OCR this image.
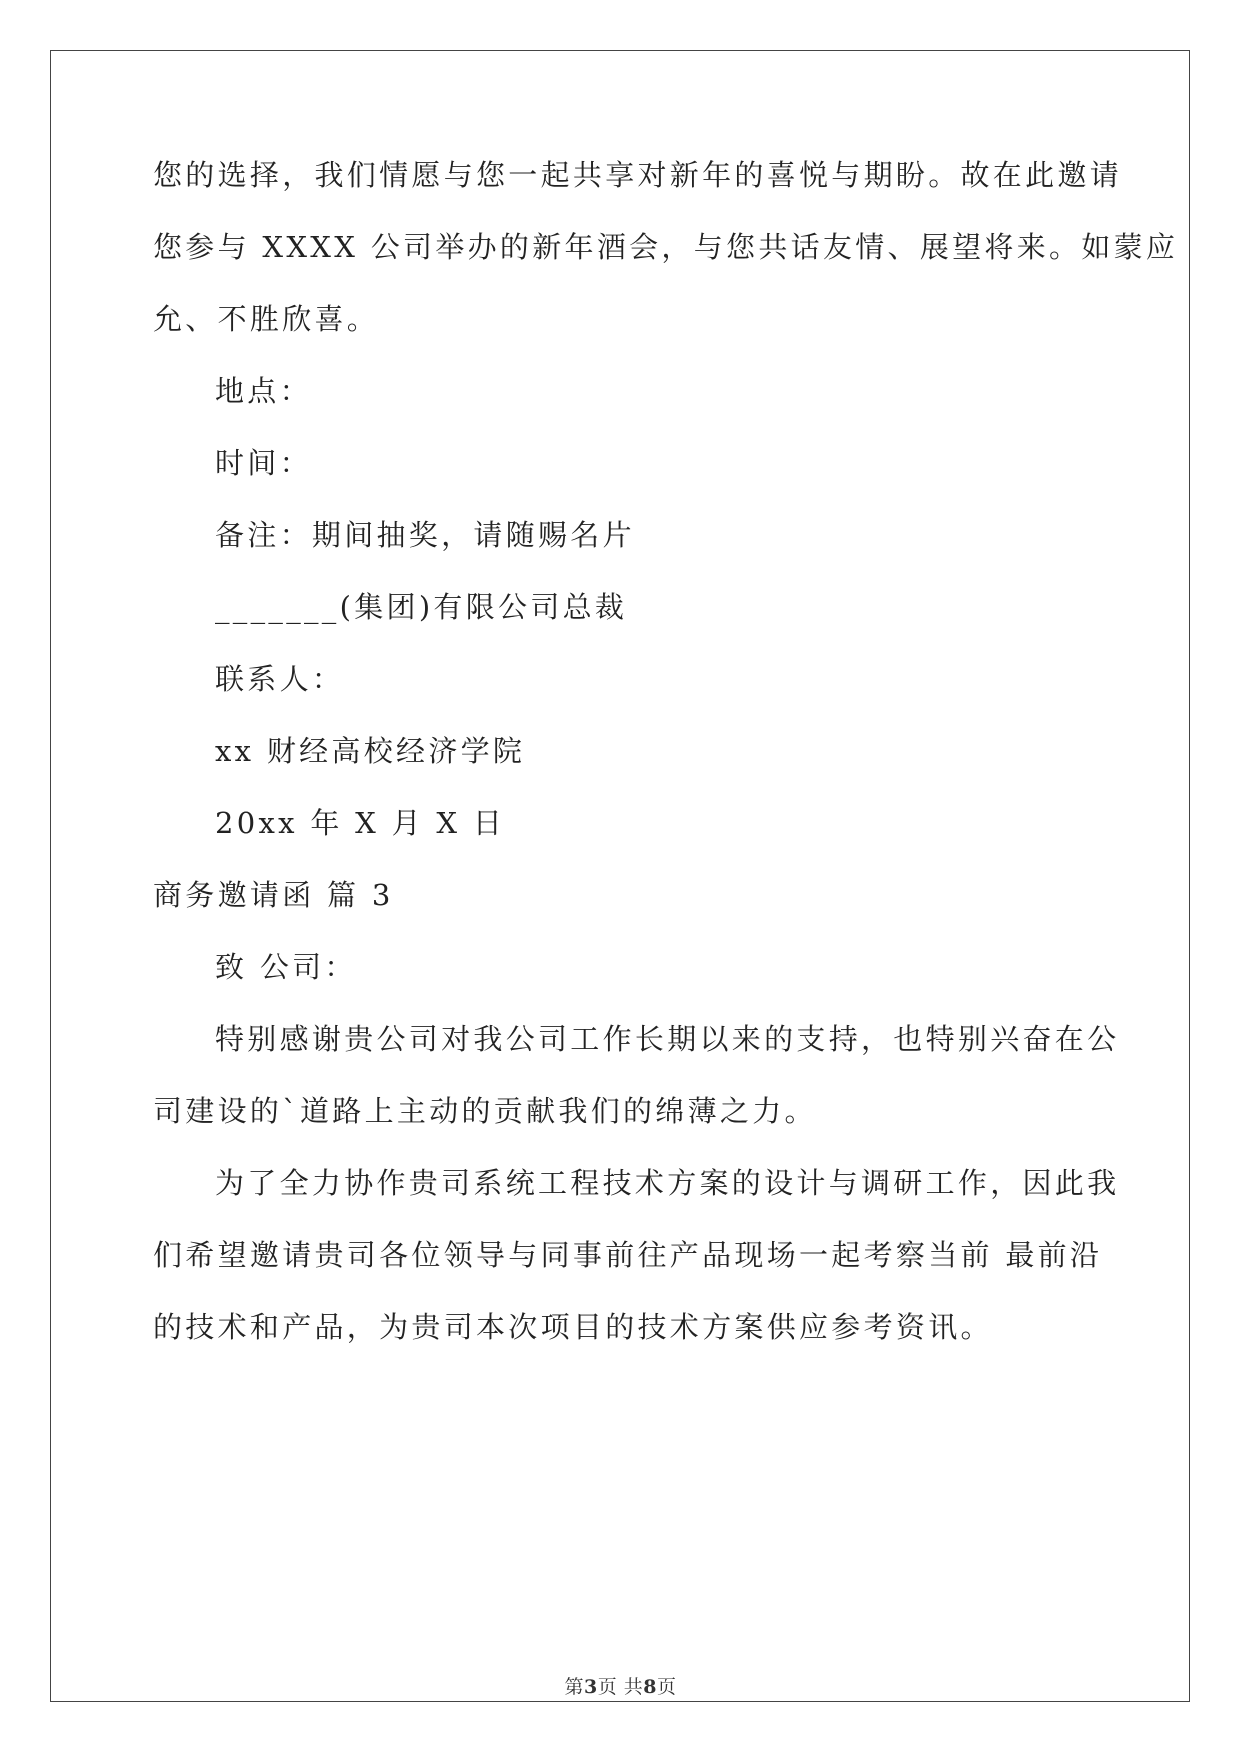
您的选择，我们情愿与您一起共享对新年的喜悦与期盼。故在此邀请
您参与 XXXX 公司举办的新年酒会，与您共话友情、展望将来。如蒙应
允、不胜欣喜。
地点：
时间：
备注：期间抽奖，请随赐名片
_______(集团)有限公司总裁
联系人：
xx 财经高校经济学院
20xx 年 X 月 X 日
商务邀请函 篇 3
致 公司：
特别感谢贵公司对我公司工作长期以来的支持，也特别兴奋在公
司建设的`道路上主动的贡献我们的绵薄之力。
为了全力协作贵司系统工程技术方案的设计与调研工作，因此我
们希望邀请贵司各位领导与同事前往产品现场一起考察当前 最前沿
的技术和产品，为贵司本次项目的技术方案供应参考资讯。
第3页 共8页
